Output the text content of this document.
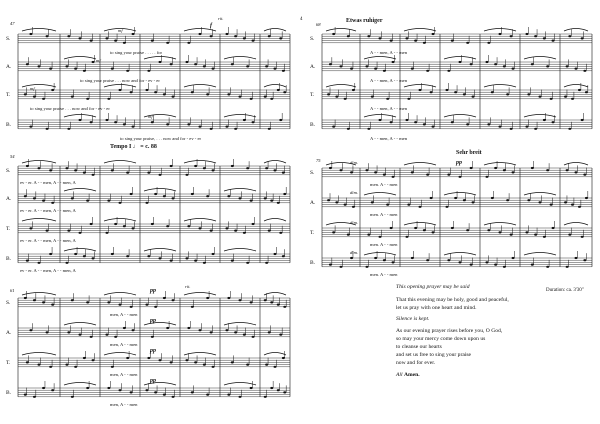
S.
A.
T.
B.
S.
A.
T.
B.
S.
A.
T.
B.
S.
A.
T.
B.
S.
A.
T.
B.
4
47
rit.
mf
f
mf
mf
mf
to sing your praise . . . . . for
to sing your praise . . . now and for - ev - er
to sing your praise . . . now and for - ev - er
to sing your praise, . . . now and for - ev - er
Tempo I ♩ = c. 88
54
ev - er. A - - men, A - - men, A
ev - er. A - - men, A - - men, A
ev - er. A - - men, A - - men, A
ev - er. A - - men, A - - men, A
61
rit.
pp
pp
pp
pp
men, A - - men
men, A - - men
men, A - - men
men, A - - men
Etwas ruhiger
68
A - - men, A - - men
A - - men, A - - men
A - - men, A - - men
A - - men, A - - men
Sehr breit
75	dim.	pp
dim.
dim.
dim.
men. A - - men
men. A - - men
men. A - - men
men. A - - men
Duration: ca. 3'30"

This opening prayer may be said

That this evening may be holy, good and peaceful,

let us pray with one heart and mind.

Silence is kept.

As our evening prayer rises before you, O God,

so may your mercy come down upon us

to cleanse our hearts

and set us free to sing your praise

now and for ever.

All Amen.
